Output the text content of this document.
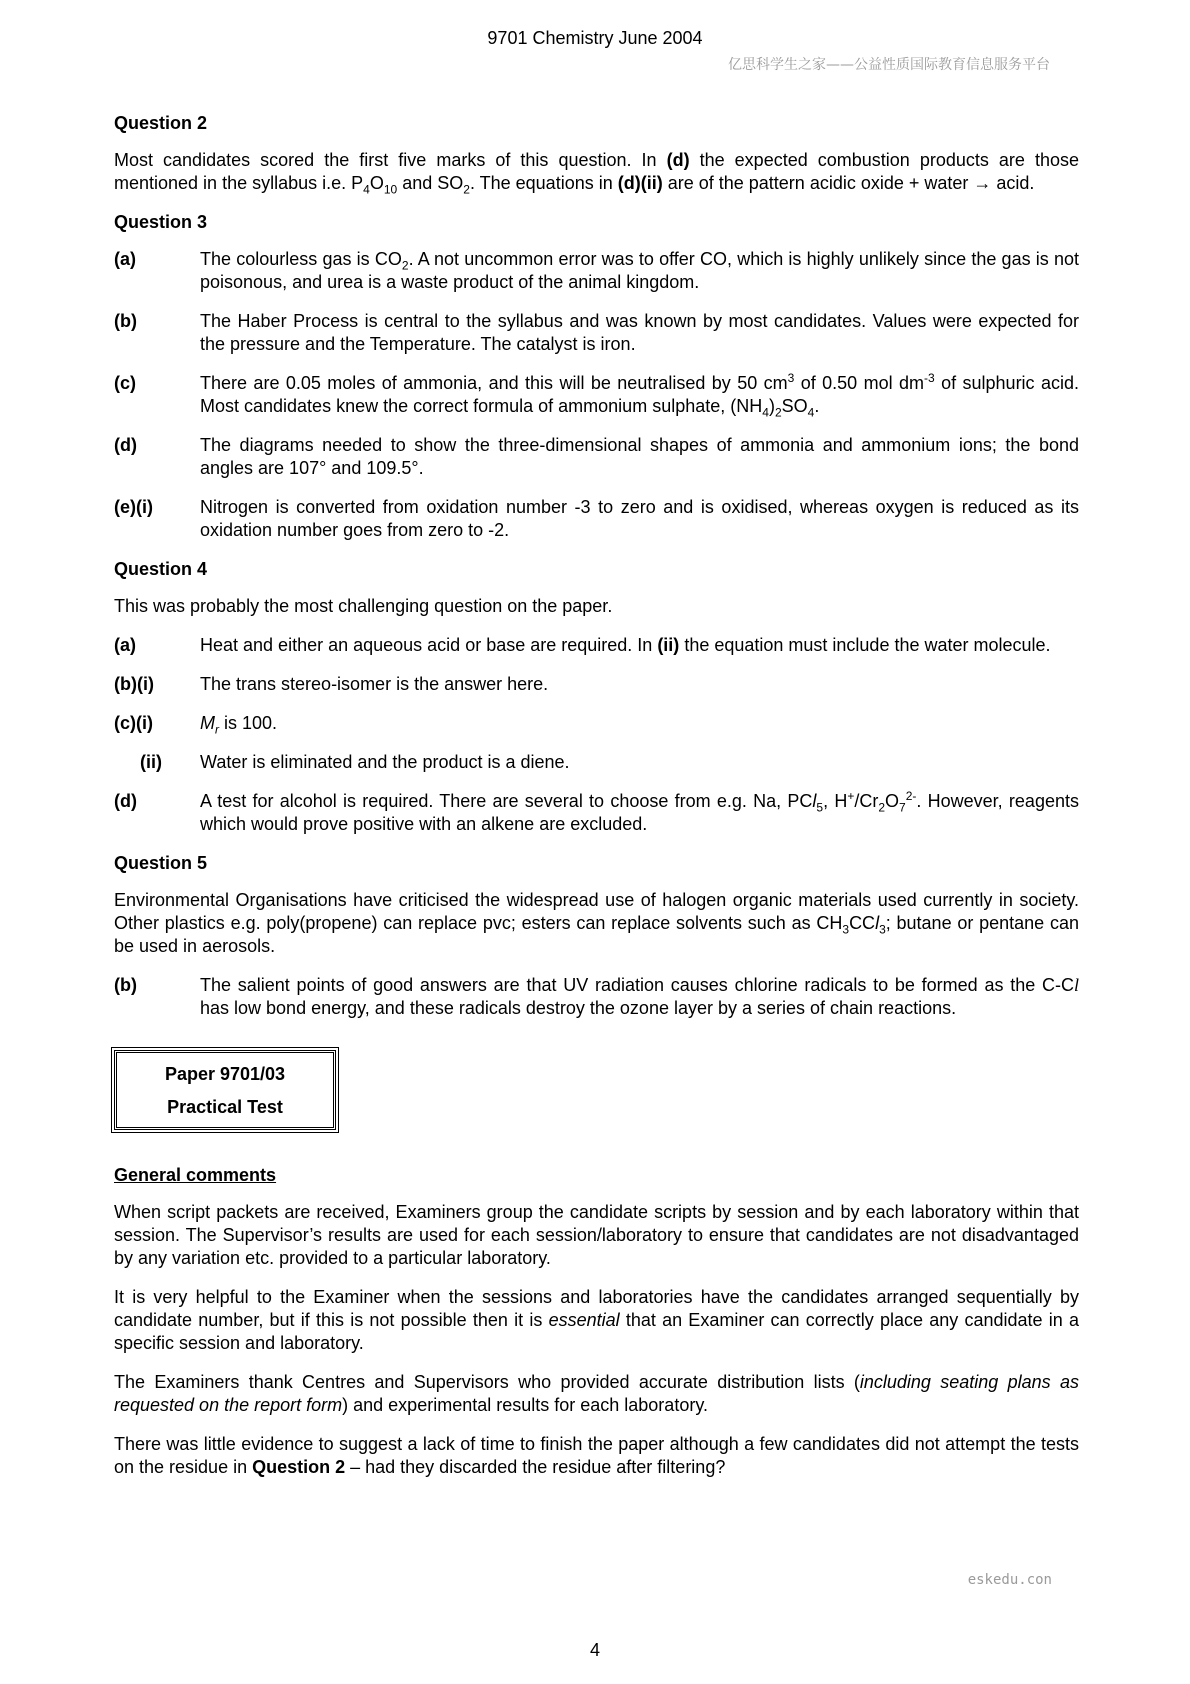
9701 Chemistry June 2004
亿思科学生之家——公益性质国际教育信息服务平台
Question 2

Most candidates scored the first five marks of this question. In (d) the expected combustion products are those mentioned in the syllabus i.e. $P_4O_{10}$ and $SO_2$. The equations in (d)(ii) are of the pattern acidic oxide + water → acid.

Question 3
(a)	The colourless gas is $CO_2$. A not uncommon error was to offer CO, which is highly unlikely since the gas is not poisonous, and urea is a waste product of the animal kingdom.
(b)	The Haber Process is central to the syllabus and was known by most candidates. Values were expected for the pressure and the Temperature. The catalyst is iron.
(c)	There are 0.05 moles of ammonia, and this will be neutralised by 50 $cm^3$ of 0.50 mol $dm^{-3}$ of sulphuric acid. Most candidates knew the correct formula of ammonium sulphate, $(NH_4)_2SO_4$.
(d)	The diagrams needed to show the three-dimensional shapes of ammonia and ammonium ions; the bond angles are 107° and 109.5°.
(e)(i)	Nitrogen is converted from oxidation number -3 to zero and is oxidised, whereas oxygen is reduced as its oxidation number goes from zero to -2.
Question 4

This was probably the most challenging question on the paper.

(a)	Heat and either an aqueous acid or base are required. In (ii) the equation must include the water molecule.
(b)(i)	The trans stereo-isomer is the answer here.
(c)(i)	$M_r$ is 100.
(ii)	Water is eliminated and the product is a diene.
(d)	A test for alcohol is required. There are several to choose from e.g. Na, PCl$_5$, $H^+/Cr_2O_7^{2-}$. However, reagents which would prove positive with an alkene are excluded.
Question 5

Environmental Organisations have criticised the widespread use of halogen organic materials used currently in society. Other plastics e.g. poly(propene) can replace pvc; esters can replace solvents such as $CH_3CCl_3$; butane or pentane can be used in aerosols.

(b)	The salient points of good answers are that UV radiation causes chlorine radicals to be formed as the C-Cl has low bond energy, and these radicals destroy the ozone layer by a series of chain reactions.
Paper 9701/03
Practical Test
General comments

When script packets are received, Examiners group the candidate scripts by session and by each laboratory within that session. The Supervisor’s results are used for each session/laboratory to ensure that candidates are not disadvantaged by any variation etc. provided to a particular laboratory.

It is very helpful to the Examiner when the sessions and laboratories have the candidates arranged sequentially by candidate number, but if this is not possible then it is essential that an Examiner can correctly place any candidate in a specific session and laboratory.

The Examiners thank Centres and Supervisors who provided accurate distribution lists (including seating plans as requested on the report form) and experimental results for each laboratory.

There was little evidence to suggest a lack of time to finish the paper although a few candidates did not attempt the tests on the residue in Question 2 – had they discarded the residue after filtering?

eskedu.con
4
